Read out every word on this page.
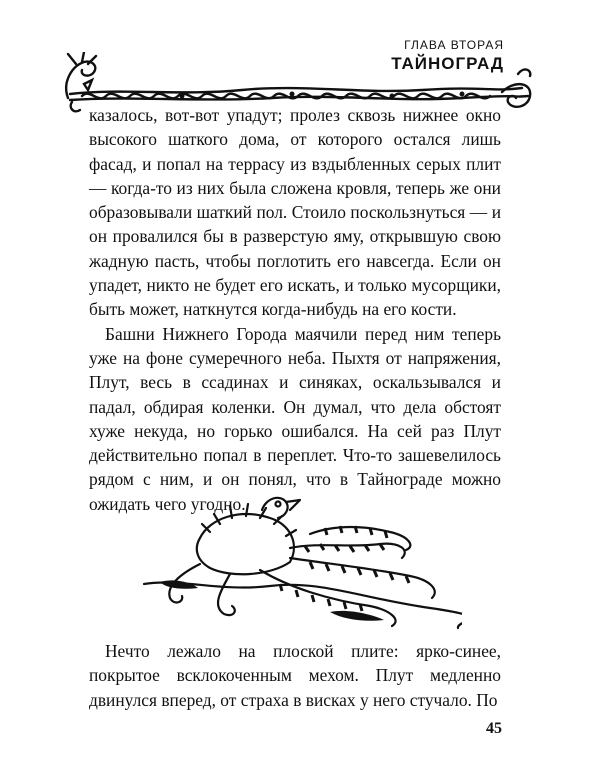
ГЛАВА ВТОРАЯ
ТАЙНОГРАД

казалось, вот-вот упадут; пролез сквозь нижнее окно высокого шаткого дома, от которого остался лишь фасад, и попал на террасу из вздыбленных серых плит — когда-то из них была сложена кровля, теперь же они образовывали шаткий пол. Стоило поскользнуться — и он провалился бы в разверстую яму, открывшую свою жадную пасть, чтобы поглотить его навсегда. Если он упадет, никто не будет его искать, и только мусорщики, быть может, наткнутся когда-нибудь на его кости.

Башни Нижнего Города маячили перед ним теперь уже на фоне сумеречного неба. Пыхтя от напряжения, Плут, весь в ссадинах и синяках, оскальзывался и падал, обдирая коленки. Он думал, что дела обстоят хуже некуда, но горько ошибался. На сей раз Плут действительно попал в переплет. Что-то зашевелилось рядом с ним, и он понял, что в Тайнограде можно ожидать чего угодно.

Нечто лежало на плоской плите: ярко-синее, покрытое всклокоченным мехом. Плут медленно двинулся вперед, от страха в висках у него стучало. По

45
